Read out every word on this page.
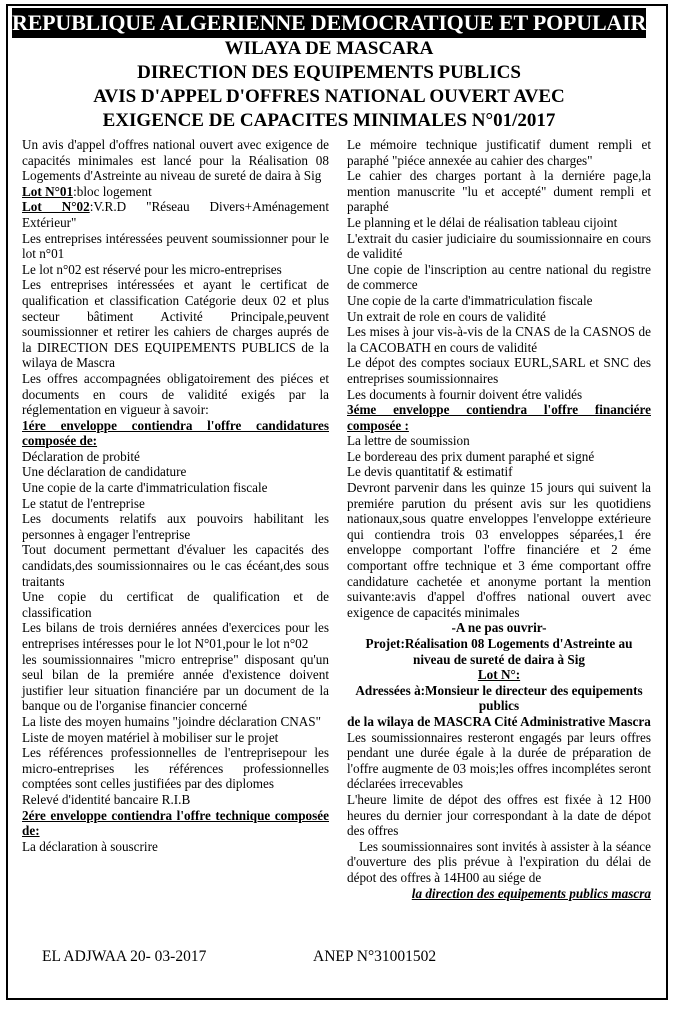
REPUBLIQUE ALGERIENNE DEMOCRATIQUE ET POPULAIRE
WILAYA DE MASCARA
DIRECTION DES EQUIPEMENTS PUBLICS
AVIS D'APPEL D'OFFRES NATIONAL OUVERT AVEC
EXIGENCE DE CAPACITES MINIMALES N°01/2017

Un avis d'appel d'offres national ouvert avec exigence de capacités minimales est lancé pour la Réalisation 08 Logements d'Astreinte au niveau de sureté de daira à Sig

Lot N°01:bloc logement

Lot N°02:V.R.D "Réseau Divers+Aménagement Extérieur"

Les entreprises intéressées peuvent soumissionner pour le lot n°01

Le lot n°02 est réservé pour les micro-entreprises

Les entreprises intéressées et ayant le certificat de qualification et classification Catégorie deux 02 et plus secteur bâtiment Activité Principale,peuvent soumissionner et retirer les cahiers de charges auprés de la DIRECTION DES EQUIPEMENTS PUBLICS de la wilaya de Mascra

Les offres accompagnées obligatoirement des piéces et documents en cours de validité exigés par la réglementation en vigueur à savoir:

1ére enveloppe contiendra l'offre candidatures composée de:

Déclaration de probité

Une déclaration de candidature

Une copie de la carte d'immatriculation fiscale

Le statut de l'entreprise

Les documents relatifs aux pouvoirs habilitant les personnes à engager l'entreprise

Tout document permettant d'évaluer les capacités des candidats,des soumissionnaires ou le cas écéant,des sous traitants

Une copie du certificat de qualification et de classification

Les bilans de trois derniéres années d'exercices pour les entreprises intéresses pour le lot N°01,pour le lot n°02

les soumissionnaires "micro entreprise" disposant qu'un seul bilan de la premiére année d'existence doivent justifier leur situation financiére par un document de la banque ou de l'organise financier concerné

La liste des moyen humains "joindre déclaration CNAS"

Liste de moyen matériel à mobiliser sur le projet

Les références professionnelles de l'entreprisepour les micro-entreprises les références professionnelles comptées sont celles justifiées par des diplomes

Relevé d'identité bancaire R.I.B

2ére enveloppe contiendra l'offre technique composée de:

La déclaration à souscrire

Le mémoire technique justificatif dument rempli et paraphé "piéce annexée au cahier des charges"

Le cahier des charges portant à la derniére page,la mention manuscrite "lu et accepté" dument rempli et paraphé

Le planning et le délai de réalisation tableau cijoint

L'extrait du casier judiciaire du soumissionnaire en cours de validité

Une copie de l'inscription au centre national du registre de commerce

Une copie de la carte d'immatriculation fiscale

Un extrait de role en cours de validité

Les mises à jour vis-à-vis de la CNAS de la CASNOS de la CACOBATH en cours de validité

Le dépot des comptes sociaux EURL,SARL et SNC des entreprises soumissionnaires

Les documents à fournir doivent étre validés

3éme enveloppe contiendra l'offre financiére composée :

La lettre de soumission

Le bordereau des prix dument paraphé et signé

Le devis quantitatif & estimatif

Devront parvenir dans les quinze 15 jours qui suivent la premiére parution du présent avis sur les quotidiens nationaux,sous quatre enveloppes l'enveloppe extérieure qui contiendra trois 03 enveloppes séparées,1 ére enveloppe comportant l'offre financiére et 2 éme comportant offre technique et 3 éme comportant offre candidature cachetée et anonyme portant la mention suivante:avis d'appel d'offres national ouvert avec exigence de capacités minimales

-A ne pas ouvrir-

Projet:Réalisation 08 Logements d'Astreinte au niveau de sureté de daira à Sig

Lot N°:

Adressées à:Monsieur le directeur des equipements publics

de la wilaya de MASCRA Cité Administrative Mascra

Les soumissionnaires resteront engagés par leurs offres pendant une durée égale à la durée de préparation de l'offre augmente de 03 mois;les offres incomplétes seront déclarées irrecevables

L'heure limite de dépot des offres est fixée à 12 H00 heures du dernier jour correspondant à la date de dépot des offres

Les soumissionnaires sont invités à assister à la séance d'ouverture des plis prévue à l'expiration du délai de dépot des offres à 14H00 au siége de

la direction des equipements publics mascra

EL ADJWAA 20- 03-2017	ANEP N°31001502
